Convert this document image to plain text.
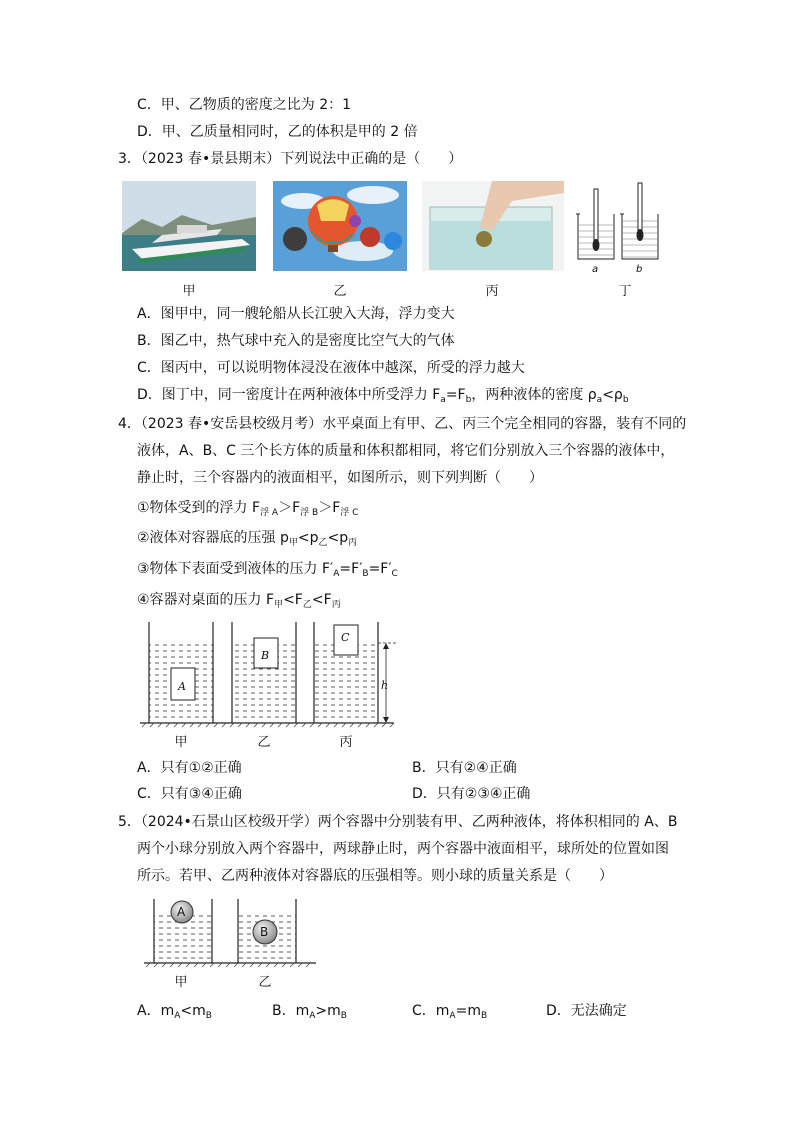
C．甲、乙物质的密度之比为 2：1
D．甲、乙质量相同时，乙的体积是甲的 2 倍
3．（2023 春•景县期末）下列说法中正确的是（　　）
a	b
甲	乙	丙	丁
A．图甲中，同一艘轮船从长江驶入大海，浮力变大
B．图乙中，热气球中充入的是密度比空气大的气体
C．图丙中，可以说明物体浸没在液体中越深，所受的浮力越大
D．图丁中，同一密度计在两种液体中所受浮力 $F_a=F_b$，两种液体的密度 $\rho_a<\rho_b$
4．（2023 春•安岳县校级月考）水平桌面上有甲、乙、丙三个完全相同的容器，装有不同的
液体，A、B、C 三个长方体的质量和体积都相同，将它们分别放入三个容器的液体中，
静止时，三个容器内的液面相平，如图所示，则下列判断（　　）
①物体受到的浮力 $F_{浮 A}>F_{浮 B}>F_{浮 C}$
②液体对容器底的压强 $p_甲<p_乙<p_丙$
③物体下表面受到液体的压力 $F'_A=F'_B=F'_C$
④容器对桌面的压力 $F_甲<F_乙<F_丙$
A
B
C
h
甲	乙	丙
A．只有①②正确	B．只有②④正确
C．只有③④正确	D．只有②③④正确
5．（2024•石景山区校级开学）两个容器中分别装有甲、乙两种液体，将体积相同的 A、B
两个小球分别放入两个容器中，两球静止时，两个容器中液面相平，球所处的位置如图
所示。若甲、乙两种液体对容器底的压强相等。则小球的质量关系是（　　）
A
B
甲	乙
A．$m_A<m_B$	B．$m_A>m_B$	C．$m_A=m_B$	D．无法确定
